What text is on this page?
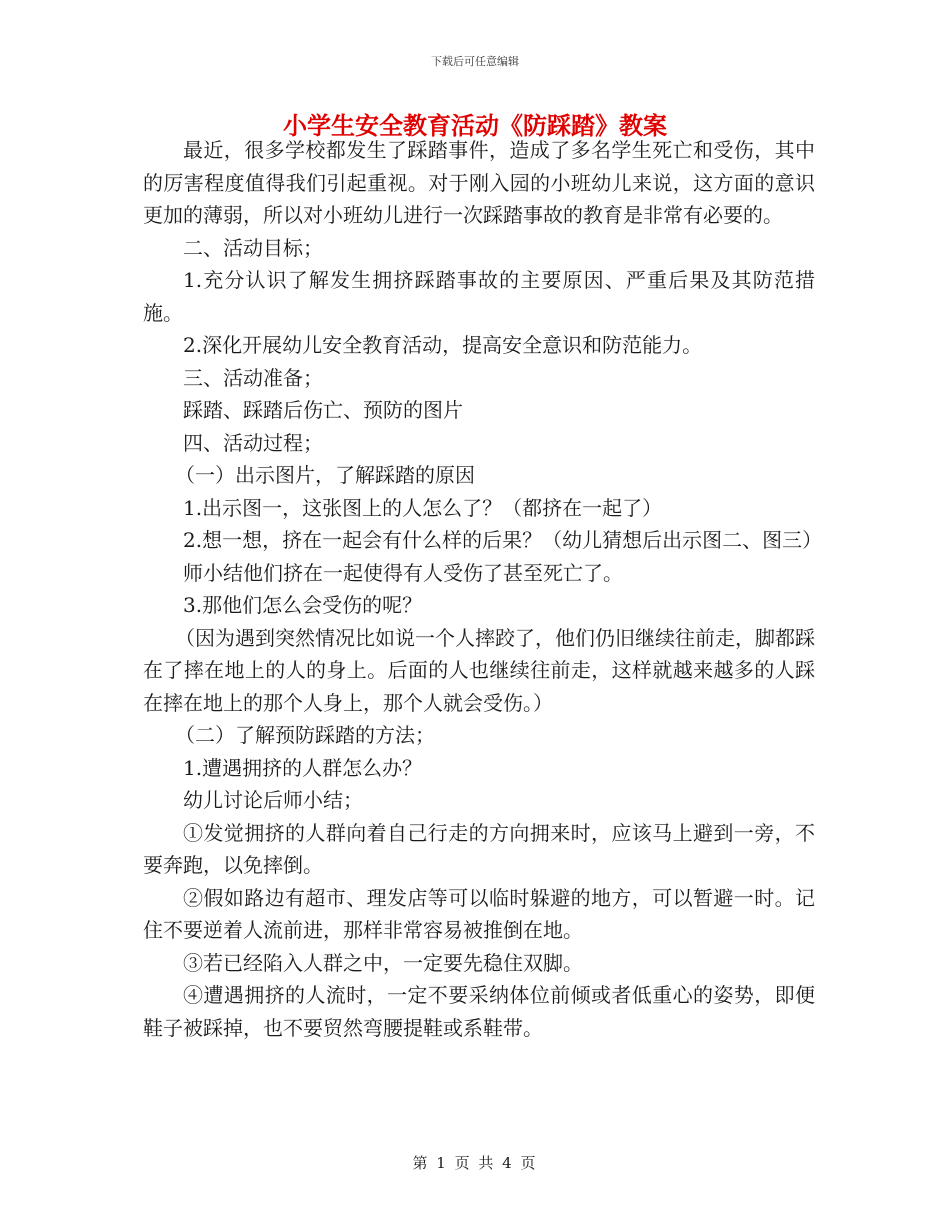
下载后可任意编辑
小学生安全教育活动《防踩踏》教案

最近，很多学校都发生了踩踏事件，造成了多名学生死亡和受伤，其中的厉害程度值得我们引起重视。对于刚入园的小班幼儿来说，这方面的意识更加的薄弱，所以对小班幼儿进行一次踩踏事故的教育是非常有必要的。

二、活动目标；

1.充分认识了解发生拥挤踩踏事故的主要原因、严重后果及其防范措施。

2.深化开展幼儿安全教育活动，提高安全意识和防范能力。

三、活动准备；

踩踏、踩踏后伤亡、预防的图片

四、活动过程；

（一）出示图片，了解踩踏的原因

1.出示图一，这张图上的人怎么了？（都挤在一起了）

2.想一想，挤在一起会有什么样的后果？（幼儿猜想后出示图二、图三）

师小结他们挤在一起使得有人受伤了甚至死亡了。

3.那他们怎么会受伤的呢？

（因为遇到突然情况比如说一个人摔跤了，他们仍旧继续往前走，脚都踩在了摔在地上的人的身上。后面的人也继续往前走，这样就越来越多的人踩在摔在地上的那个人身上，那个人就会受伤。）

（二）了解预防踩踏的方法；

1.遭遇拥挤的人群怎么办？

幼儿讨论后师小结；

①发觉拥挤的人群向着自己行走的方向拥来时，应该马上避到一旁，不要奔跑，以免摔倒。

②假如路边有超市、理发店等可以临时躲避的地方，可以暂避一时。记住不要逆着人流前进，那样非常容易被推倒在地。

③若已经陷入人群之中，一定要先稳住双脚。

④遭遇拥挤的人流时，一定不要采纳体位前倾或者低重心的姿势，即便鞋子被踩掉，也不要贸然弯腰提鞋或系鞋带。

第 1 页 共 4 页
